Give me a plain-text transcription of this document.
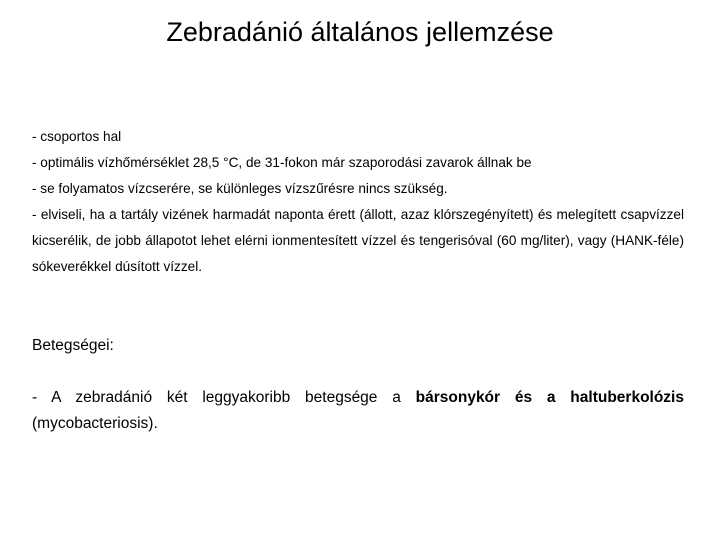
Zebradánió általános jellemzése

- csoportos hal

- optimális vízhőmérséklet 28,5 °C, de 31-fokon már szaporodási zavarok állnak be

- se folyamatos vízcserére, se különleges vízszűrésre nincs szükség.

- elviseli, ha a tartály vizének harmadát naponta érett (állott, azaz klórszegényített) és melegített csapvízzel kicserélik, de jobb állapotot lehet elérni ionmentesített vízzel és tengerisóval (60 mg/liter), vagy (HANK-féle) sókeverékkel dúsított vízzel.

Betegségei:

- A zebradánió két leggyakoribb betegsége a bársonykór és a haltuberkolózis (mycobacteriosis).
